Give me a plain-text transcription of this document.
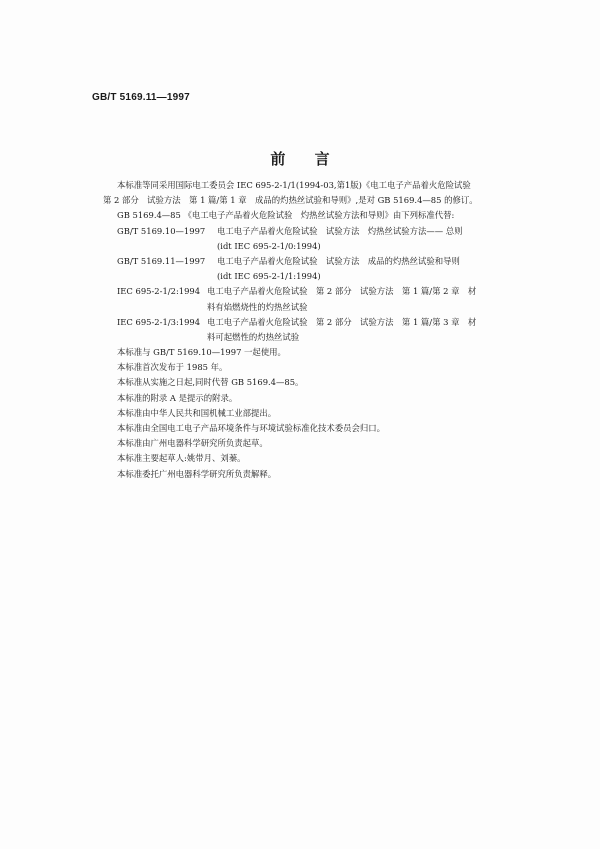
GB/T 5169.11—1997
前 言
本标准等同采用国际电工委员会 IEC 695-2-1/1(1994-03,第1版)《电工电子产品着火危险试验
第 2 部分　试验方法　第 1 篇/第 1 章　成品的灼热丝试验和导则》,是对 GB 5169.4—85 的修订。
GB 5169.4—85 《电工电子产品着火危险试验　灼热丝试验方法和导则》由下列标准代替:
GB/T 5169.10—1997	电工电子产品着火危险试验　试验方法　灼热丝试验方法—— 总则
(idt IEC 695-2-1/0:1994)
GB/T 5169.11—1997	电工电子产品着火危险试验　试验方法　成品的灼热丝试验和导则
(idt IEC 695-2-1/1:1994)
IEC 695-2-1/2:1994 电工电子产品着火危险试验　第 2 部分　试验方法　第 1 篇/第 2 章　材
料有焰燃烧性的灼热丝试验
IEC 695-2-1/3:1994 电工电子产品着火危险试验　第 2 部分　试验方法　第 1 篇/第 3 章　材
料可起燃性的灼热丝试验
本标准与 GB/T 5169.10—1997 一起使用。
本标准首次发布于 1985 年。
本标准从实施之日起,同时代替 GB 5169.4—85。
本标准的附录 A 是提示的附录。
本标准由中华人民共和国机械工业部提出。
本标准由全国电工电子产品环境条件与环境试验标准化技术委员会归口。
本标准由广州电器科学研究所负责起草。
本标准主要起草人:姚带月、刘蓁。
本标准委托广州电器科学研究所负责解释。
